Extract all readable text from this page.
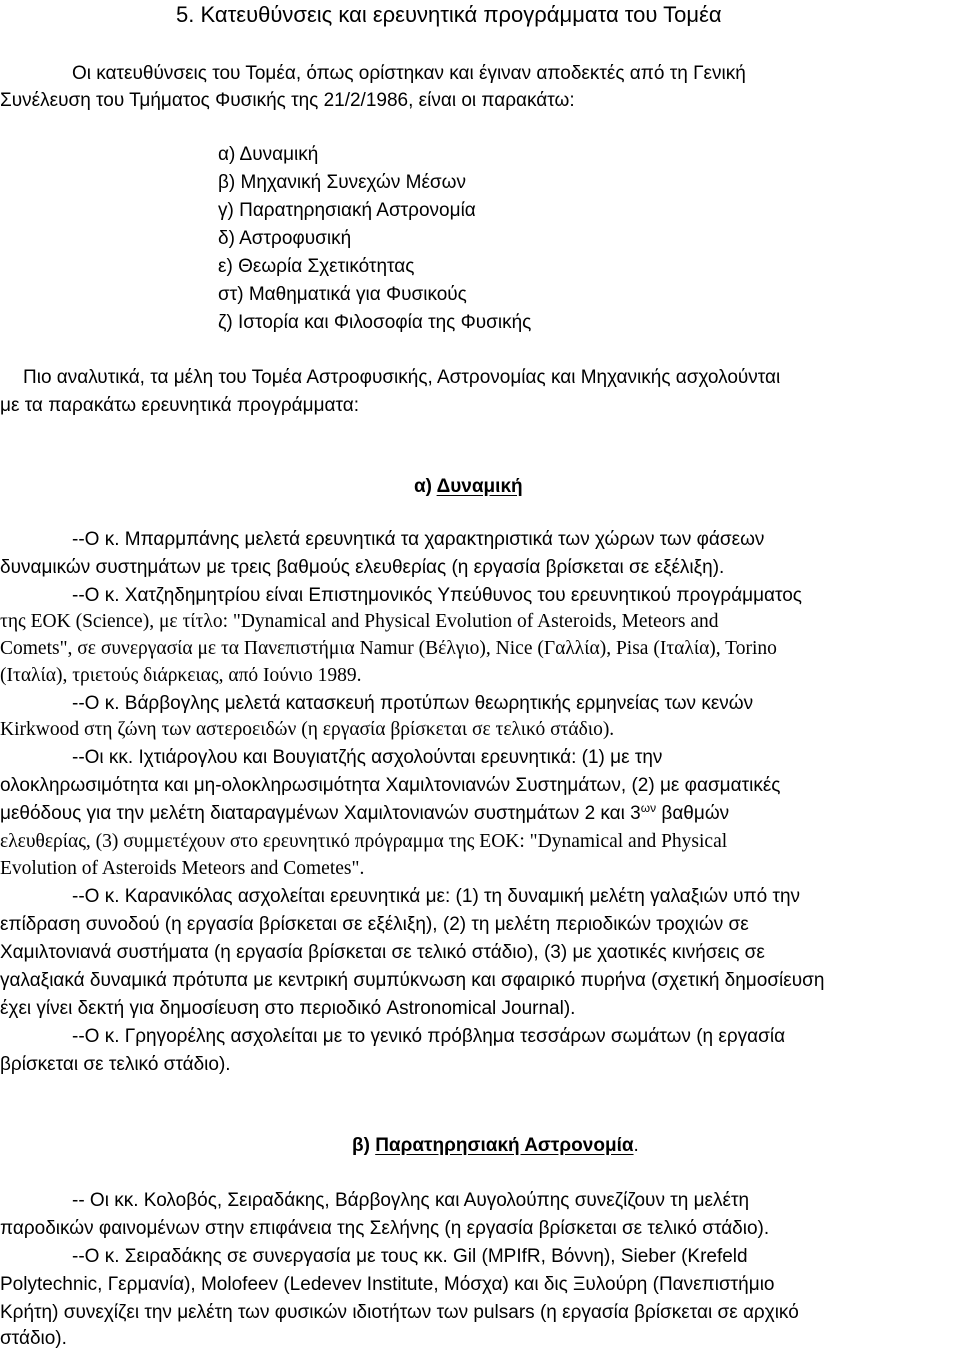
5. Κατευθύνσεις και ερευνητικά προγράμματα του Τομέα
Οι κατευθύνσεις του Τομέα, όπως ορίστηκαν και έγιναν αποδεκτές από τη Γενική
Συνέλευση του Τμήματος Φυσικής της 21/2/1986, είναι οι παρακάτω:
α) Δυναμική
β) Μηχανική Συνεχών Μέσων
γ) Παρατηρησιακή Αστρονομία
δ) Αστροφυσική
ε) Θεωρία Σχετικότητας
στ) Μαθηματικά για Φυσικούς
ζ) Ιστορία και Φιλοσοφία της Φυσικής
Πιο αναλυτικά, τα μέλη του Τομέα Αστροφυσικής, Αστρονομίας και Μηχανικής ασχολούνται
με τα παρακάτω ερευνητικά προγράμματα:
α) Δυναμική
--Ο κ. Μπαρμπάνης μελετά ερευνητικά τα χαρακτηριστικά των χώρων των φάσεων
δυναμικών συστημάτων με τρεις βαθμούς ελευθερίας (η εργασία βρίσκεται σε εξέλιξη).
--Ο κ. Χατζηδημητρίου είναι Επιστημονικός Υπεύθυνος του ερευνητικού προγράμματος
της ΕΟΚ (Science), με τίτλο: "Dynamical and Physical Evolution of Asteroids, Meteors and
Comets", σε συνεργασία με τα Πανεπιστήμια Namur (Βέλγιο), Nice (Γαλλία), Pisa (Ιταλία), Torino
(Ιταλία), τριετούς διάρκειας, από Ιούνιο 1989.
--Ο κ. Βάρβογλης μελετά κατασκευή προτύπων θεωρητικής ερμηνείας των κενών
Kirkwood στη ζώνη των αστεροειδών (η εργασία βρίσκεται σε τελικό στάδιο).
--Οι κκ. Ιχτιάρογλου και Βουγιατζής ασχολούνται ερευνητικά: (1) με την
ολοκληρωσιμότητα και μη-ολοκληρωσιμότητα Χαμιλτονιανών Συστημάτων, (2) με φασματικές
μεθόδους για την μελέτη διαταραγμένων Χαμιλτονιανών συστημάτων 2 και $3^{\omega\nu}$ βαθμών
ελευθερίας, (3) συμμετέχουν στο ερευνητικό πρόγραμμα της ΕΟΚ: "Dynamical and Physical
Evolution of Asteroids Meteors and Cometes".
--Ο κ. Καρανικόλας ασχολείται ερευνητικά με: (1) τη δυναμική μελέτη γαλαξιών υπό την
επίδραση συνοδού (η εργασία βρίσκεται σε εξέλιξη), (2) τη μελέτη περιοδικών τροχιών σε
Χαμιλτονιανά συστήματα (η εργασία βρίσκεται σε τελικό στάδιο), (3) με χαοτικές κινήσεις σε
γαλαξιακά δυναμικά πρότυπα με κεντρική συμπύκνωση και σφαιρικό πυρήνα (σχετική δημοσίευση
έχει γίνει δεκτή για δημοσίευση στο περιοδικό Astronomical Journal).
--Ο κ. Γρηγορέλης ασχολείται με το γενικό πρόβλημα τεσσάρων σωμάτων (η εργασία
βρίσκεται σε τελικό στάδιο).
β) Παρατηρησιακή Αστρονομία.
-- Οι κκ. Κολοβός, Σειραδάκης, Βάρβογλης και Αυγολούπης συνεζίζουν τη μελέτη
παροδικών φαινομένων στην επιφάνεια της Σελήνης (η εργασία βρίσκεται σε τελικό στάδιο).
--Ο κ. Σειραδάκης σε συνεργασία με τους κκ. Gil (MPIfR, Βόννη), Sieber (Krefeld
Polytechnic, Γερμανία), Molofeev (Ledevev Institute, Μόσχα) και δις Ξυλούρη (Πανεπιστήμιο
Κρήτη) συνεχίζει την μελέτη των φυσικών ιδιοτήτων των pulsars (η εργασία βρίσκεται σε αρχικό
στάδιο).
